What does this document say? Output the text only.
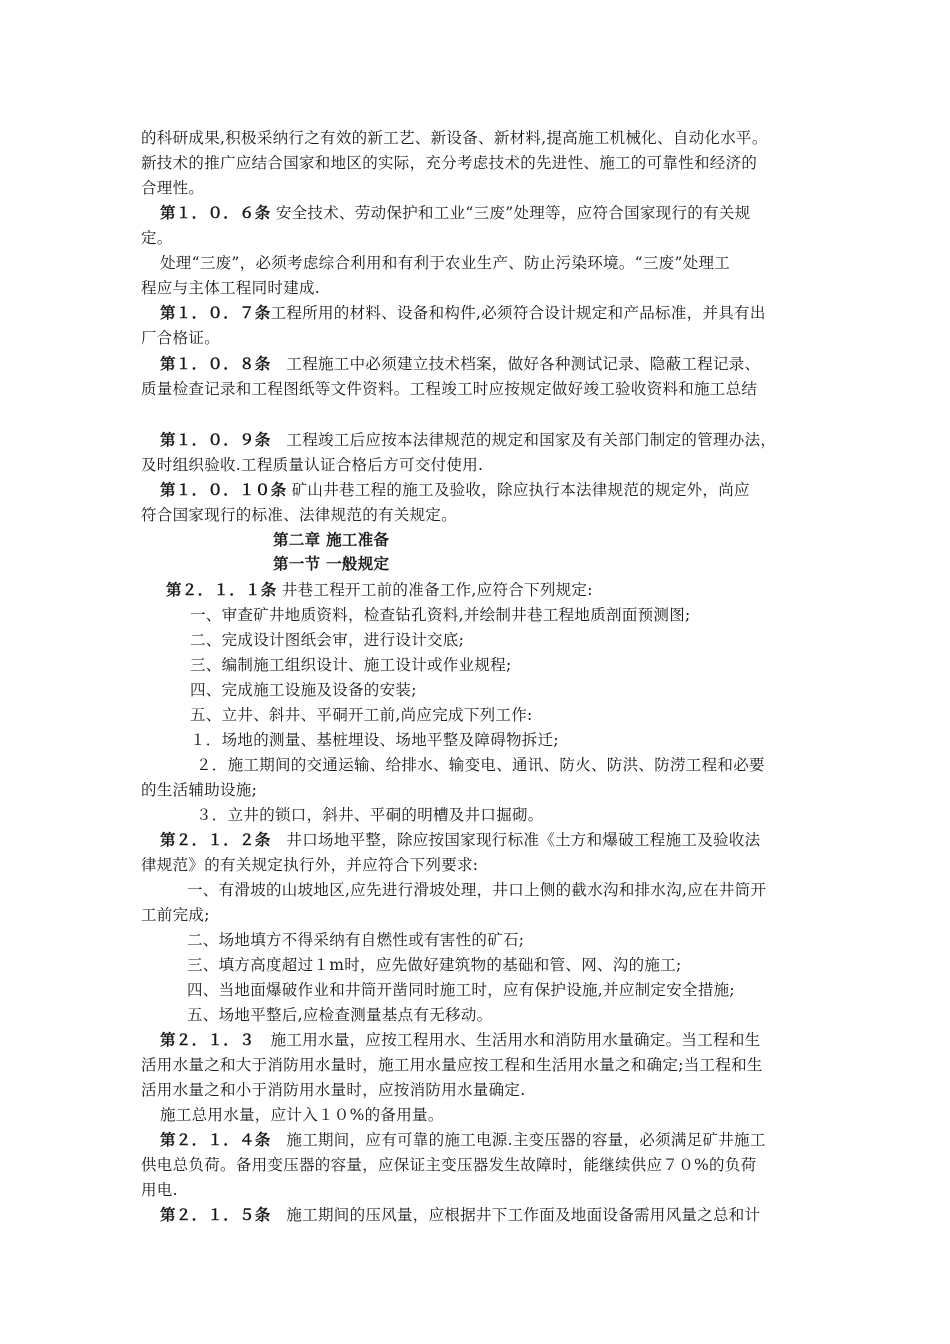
的科研成果,积极采纳行之有效的新工艺、新设备、新材料,提高施工机械化、自动化水平。
新技术的推广应结合国家和地区的实际，充分考虑技术的先进性、施工的可靠性和经济的
合理性。
第１．０．６条 安全技术、劳动保护和工业“三废”处理等，应符合国家现行的有关规
定。
处理“三废”，必须考虑综合利用和有利于农业生产、防止污染环境。“三废”处理工
程应与主体工程同时建成.
第１．０．７条工程所用的材料、设备和构件,必须符合设计规定和产品标准，并具有出
厂合格证。
第１．０．８条　工程施工中必须建立技术档案，做好各种测试记录、隐蔽工程记录、
质量检查记录和工程图纸等文件资料。工程竣工时应按规定做好竣工验收资料和施工总结
第１．０．９条　工程竣工后应按本法律规范的规定和国家及有关部门制定的管理办法，
及时组织验收.工程质量认证合格后方可交付使用.
第１．０．１０条 矿山井巷工程的施工及验收，除应执行本法律规范的规定外，尚应
符合国家现行的标准、法律规范的有关规定。
第二章 施工准备
第一节 一般规定
第２．１．１条 井巷工程开工前的准备工作,应符合下列规定:
一、审查矿井地质资料，检查钻孔资料,并绘制井巷工程地质剖面预测图;
二、完成设计图纸会审，进行设计交底;
三、编制施工组织设计、施工设计或作业规程;
四、完成施工设施及设备的安装;
五、立井、斜井、平硐开工前,尚应完成下列工作:
１．场地的测量、基桩埋设、场地平整及障碍物拆迁;
２．施工期间的交通运输、给排水、输变电、通讯、防火、防洪、防涝工程和必要
的生活辅助设施;
３．立井的锁口，斜井、平硐的明槽及井口掘砌。
第２．１．２条　井口场地平整，除应按国家现行标准《土方和爆破工程施工及验收法
律规范》的有关规定执行外，并应符合下列要求:
一、有滑坡的山坡地区,应先进行滑坡处理，井口上侧的截水沟和排水沟,应在井筒开
工前完成;
二、场地填方不得采纳有自燃性或有害性的矿石;
三、填方高度超过１m时，应先做好建筑物的基础和管、网、沟的施工;
四、当地面爆破作业和井筒开凿同时施工时，应有保护设施,并应制定安全措施;
五、场地平整后,应检查测量基点有无移动。
第２．１．３　施工用水量，应按工程用水、生活用水和消防用水量确定。当工程和生
活用水量之和大于消防用水量时，施工用水量应按工程和生活用水量之和确定;当工程和生
活用水量之和小于消防用水量时，应按消防用水量确定.
施工总用水量，应计入１０%的备用量。
第２．１．４条　施工期间，应有可靠的施工电源.主变压器的容量，必须满足矿井施工
供电总负荷。备用变压器的容量，应保证主变压器发生故障时，能继续供应７０%的负荷
用电.
第２．１．５条　施工期间的压风量，应根据井下工作面及地面设备需用风量之总和计
